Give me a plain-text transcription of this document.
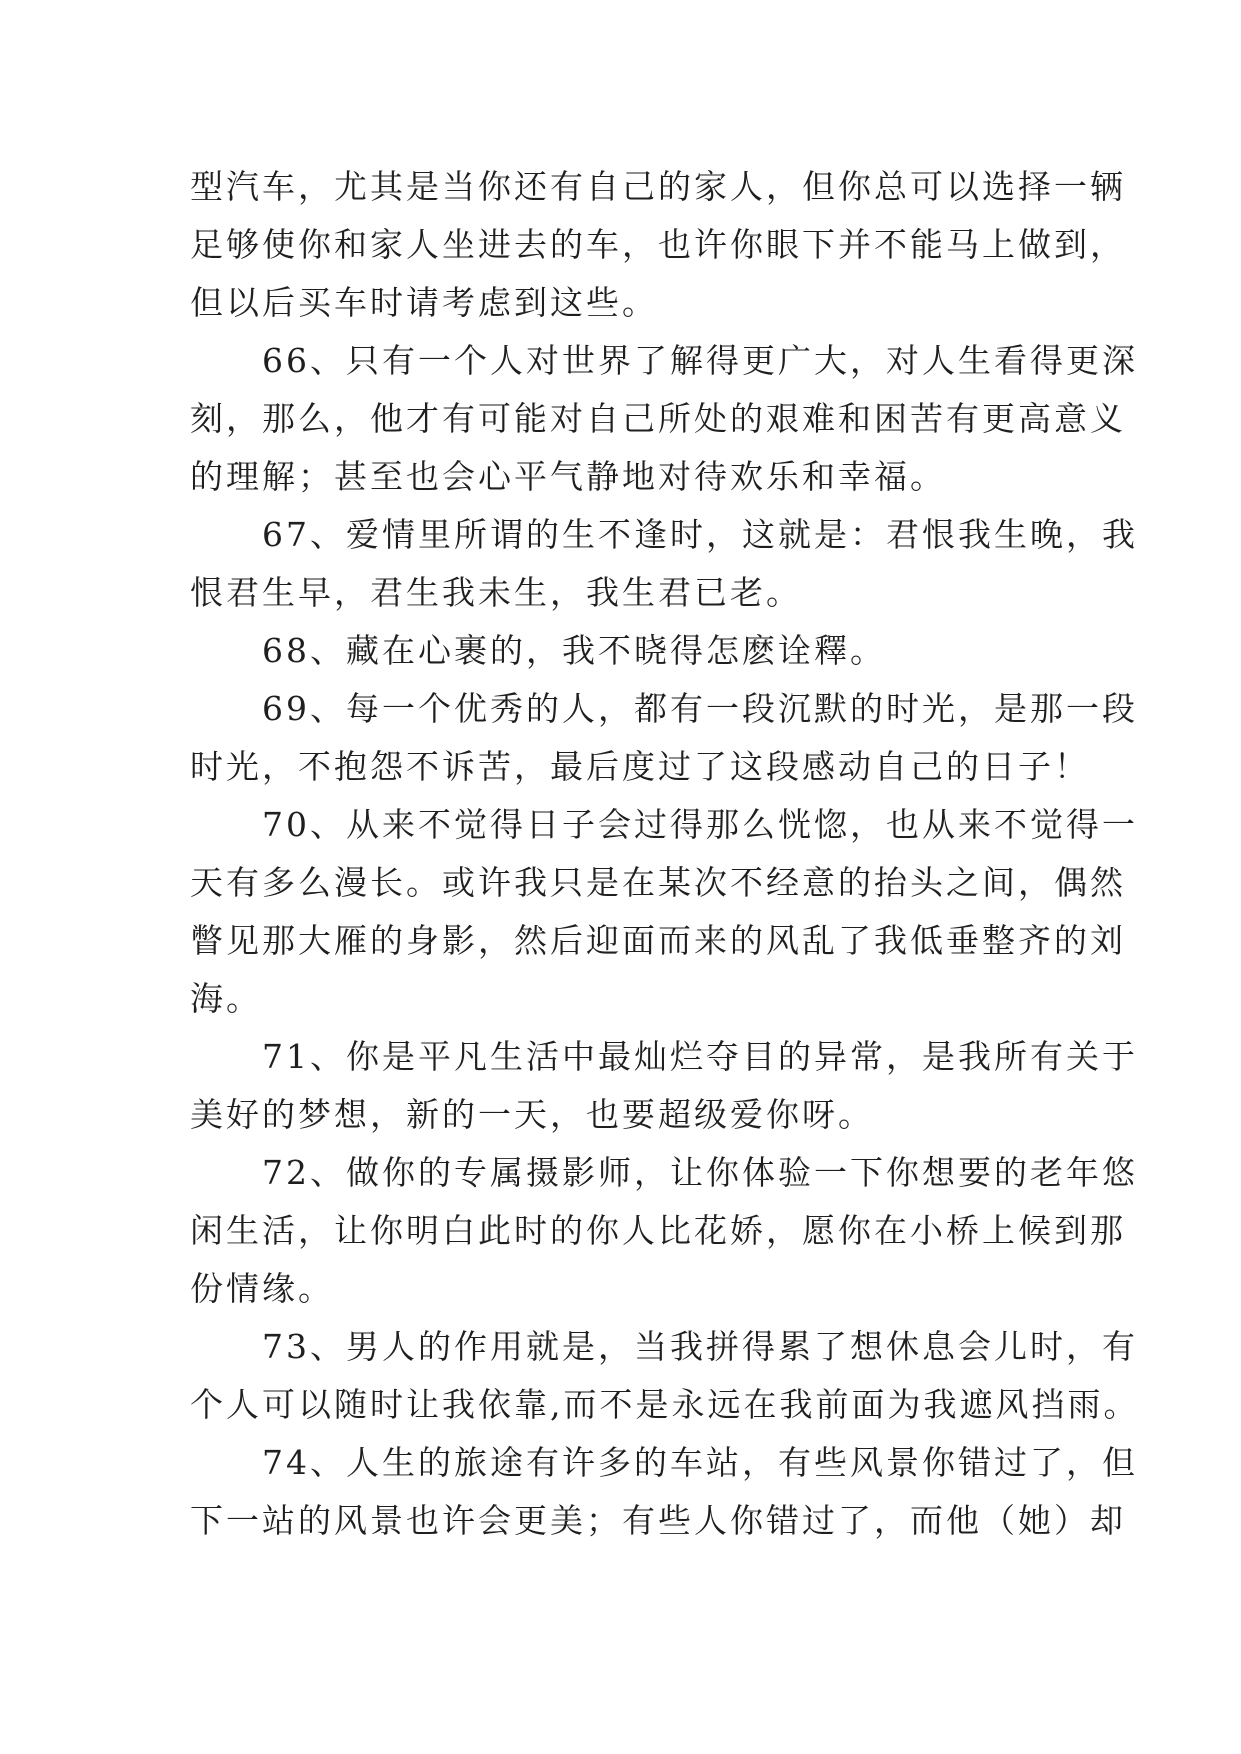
型汽车，尤其是当你还有自己的家人，但你总可以选择一辆
足够使你和家人坐进去的车，也许你眼下并不能马上做到，
但以后买车时请考虑到这些。
　　66、只有一个人对世界了解得更广大，对人生看得更深
刻，那么，他才有可能对自己所处的艰难和困苦有更高意义
的理解；甚至也会心平气静地对待欢乐和幸福。
　　67、爱情里所谓的生不逢时，这就是：君恨我生晚，我
恨君生早，君生我未生，我生君已老。
　　68、藏在心裹的，我不晓得怎麽诠釋。
　　69、每一个优秀的人，都有一段沉默的时光，是那一段
时光，不抱怨不诉苦，最后度过了这段感动自己的日子！
　　70、从来不觉得日子会过得那么恍惚，也从来不觉得一
天有多么漫长。或许我只是在某次不经意的抬头之间，偶然
瞥见那大雁的身影，然后迎面而来的风乱了我低垂整齐的刘
海。
　　71、你是平凡生活中最灿烂夺目的异常，是我所有关于
美好的梦想，新的一天，也要超级爱你呀。
　　72、做你的专属摄影师，让你体验一下你想要的老年悠
闲生活，让你明白此时的你人比花娇，愿你在小桥上候到那
份情缘。
　　73、男人的作用就是，当我拼得累了想休息会儿时，有
个人可以随时让我依靠,而不是永远在我前面为我遮风挡雨。
　　74、人生的旅途有许多的车站，有些风景你错过了，但
下一站的风景也许会更美；有些人你错过了，而他（她）却
